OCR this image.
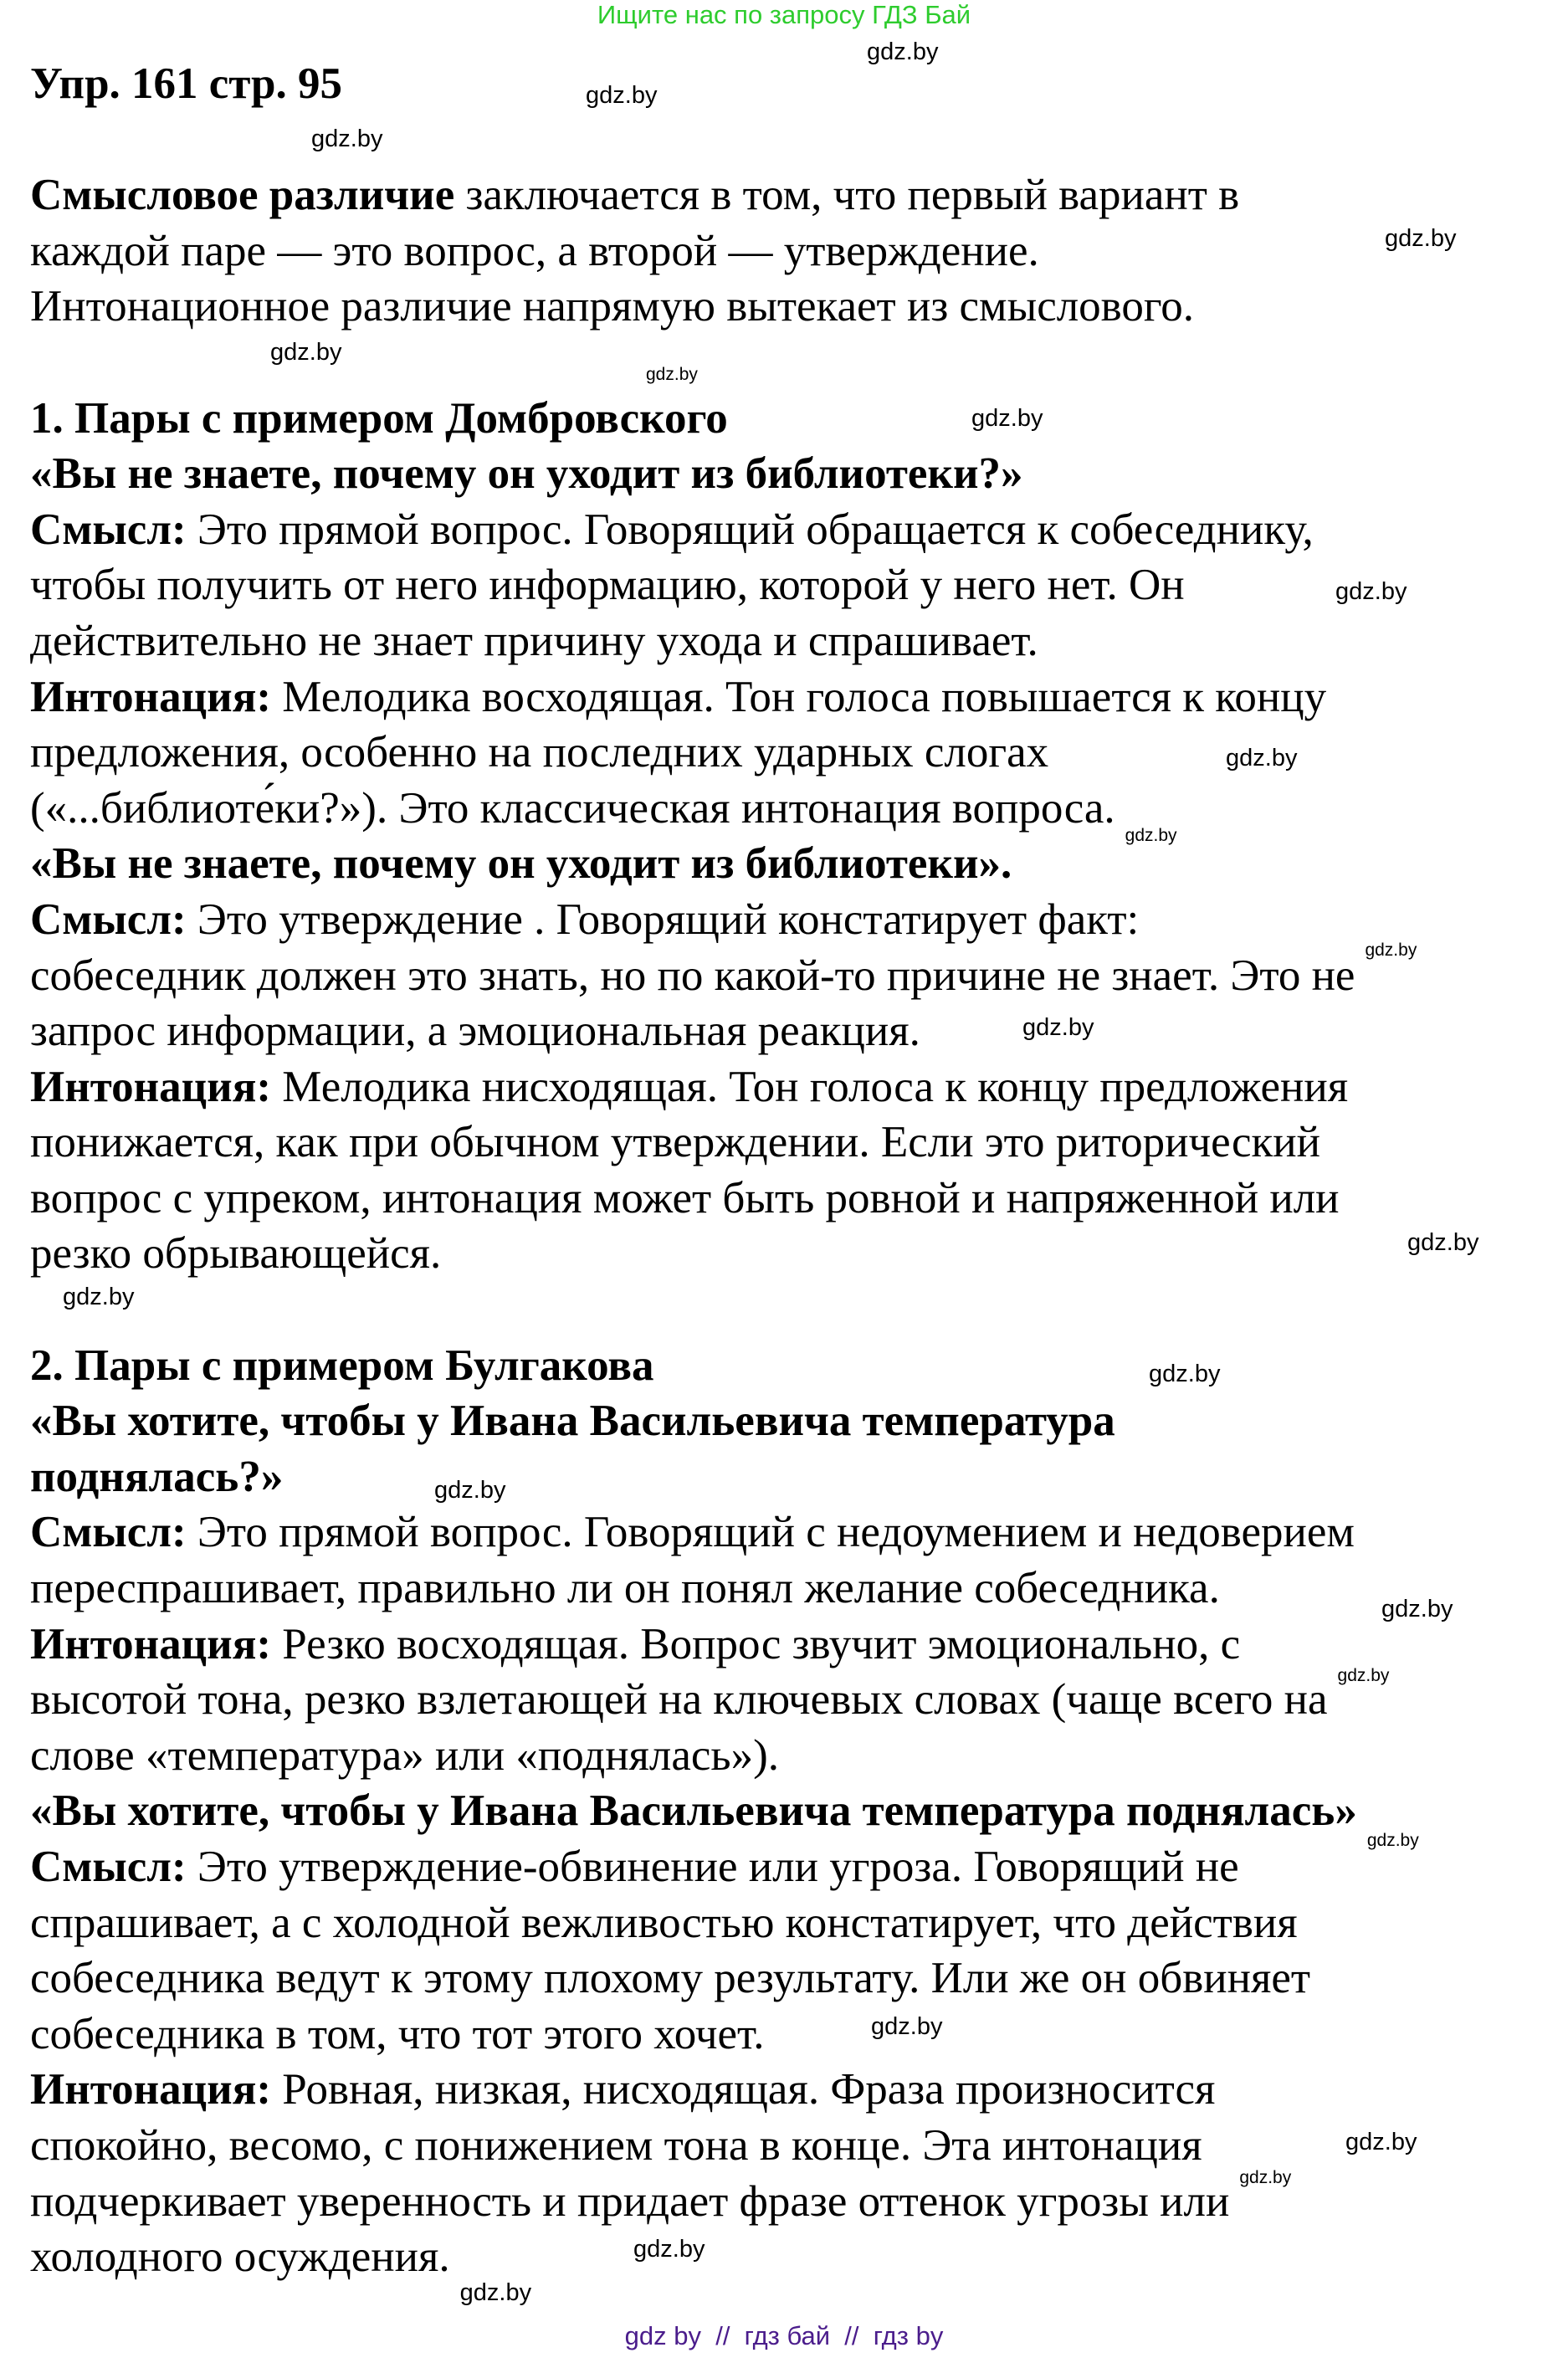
Ищите нас по запросу ГДЗ Бай
Упр. 161 стр. 95
Смысловое различие заключается в том, что первый вариант в
каждой паре — это вопрос, а второй — утверждение.
Интонационное различие напрямую вытекает из смыслового.
1. Пары с примером Домбровского
«Вы не знаете, почему он уходит из библиотеки?»
Смысл: Это прямой вопрос. Говорящий обращается к собеседнику,
чтобы получить от него информацию, которой у него нет. Он
действительно не знает причину ухода и спрашивает.
Интонация: Мелодика восходящая. Тон голоса повышается к концу
предложения, особенно на последних ударных слогах
(«...библиоте́ки?»). Это классическая интонация вопроса.
«Вы не знаете, почему он уходит из библиотеки».
Смысл: Это утверждение . Говорящий констатирует факт:
собеседник должен это знать, но по какой-то причине не знает. Это не
запрос информации, а эмоциональная реакция.
Интонация: Мелодика нисходящая. Тон голоса к концу предложения
понижается, как при обычном утверждении. Если это риторический
вопрос с упреком, интонация может быть ровной и напряженной или
резко обрывающейся.
2. Пары с примером Булгакова
«Вы хотите, чтобы у Ивана Васильевича температура
поднялась?»
Смысл: Это прямой вопрос. Говорящий с недоумением и недоверием
переспрашивает, правильно ли он понял желание собеседника.
Интонация: Резко восходящая. Вопрос звучит эмоционально, с
высотой тона, резко взлетающей на ключевых словах (чаще всего на
слове «температура» или «поднялась»).
«Вы хотите, чтобы у Ивана Васильевича температура поднялась»
Смысл: Это утверждение-обвинение или угроза. Говорящий не
спрашивает, а с холодной вежливостью констатирует, что действия
собеседника ведут к этому плохому результату. Или же он обвиняет
собеседника в том, что тот этого хочет.
Интонация: Ровная, низкая, нисходящая. Фраза произносится
спокойно, весомо, с понижением тона в конце. Эта интонация
подчеркивает уверенность и придает фразе оттенок угрозы или
холодного осуждения.
gdz.by
gdz.by
gdz.by
gdz.by
gdz.by
gdz.by
gdz.by
gdz.by
gdz.by
gdz.by
gdz.by
gdz.by
gdz.by
gdz.by
gdz.by
gdz.by
gdz.by
gdz.by
gdz.by
gdz.by
gdz.by
gdz.by
gdz.by
gdz.by
gdz by  //  гдз бай  //  гдз by
